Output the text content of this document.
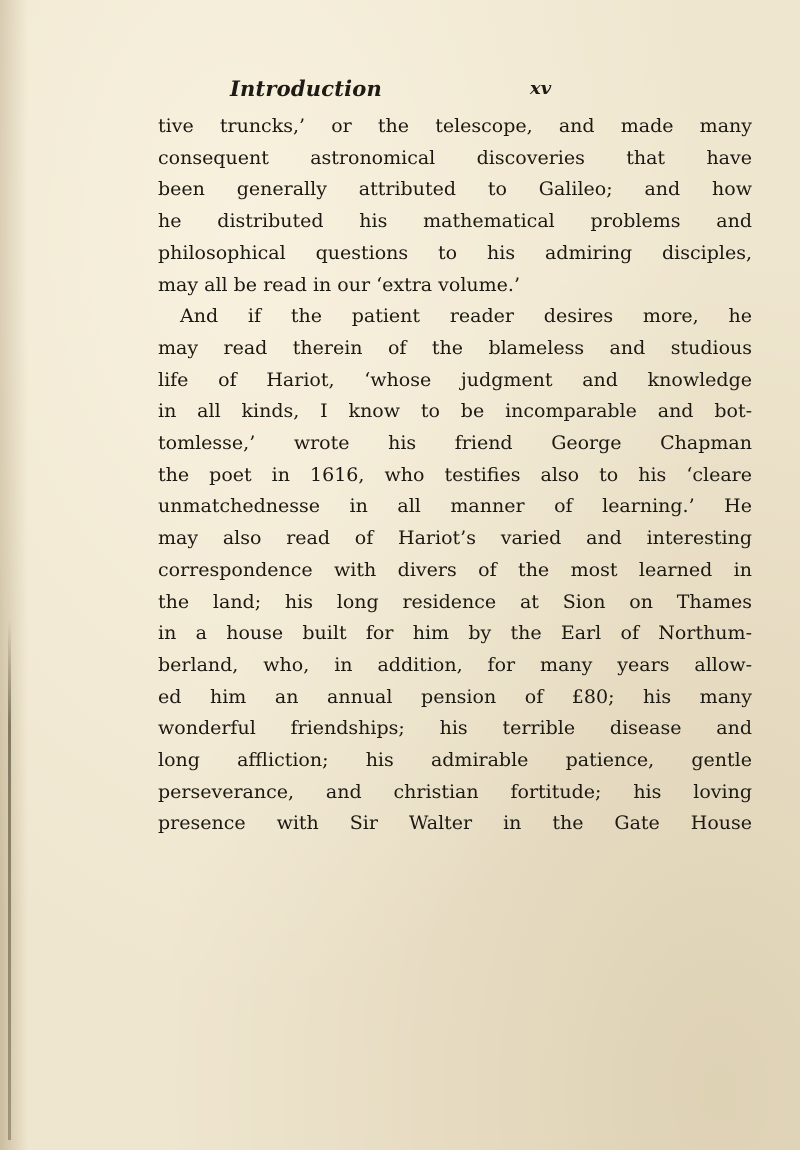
Introduction	xv
tive truncks,’ or the telescope, and made many
consequent astronomical discoveries that have
been generally attributed to Galileo; and how
he distributed his mathematical problems and
philosophical questions to his admiring disciples,
may all be read in our ‘extra volume.’
And if the patient reader desires more, he
may read therein of the blameless and studious
life of Hariot, ‘whose judgment and knowledge
in all kinds, I know to be incomparable and bot-
tomlesse,’ wrote his friend George Chapman
the poet in 1616, who testifies also to his ‘cleare
unmatchednesse in all manner of learning.’ He
may also read of Hariot’s varied and interesting
correspondence with divers of the most learned in
the land; his long residence at Sion on Thames
in a house built for him by the Earl of Northum-
berland, who, in addition, for many years allow-
ed him an annual pension of £80; his many
wonderful friendships; his terrible disease and
long affliction; his admirable patience, gentle
perseverance, and christian fortitude; his loving
presence with Sir Walter in the Gate House
